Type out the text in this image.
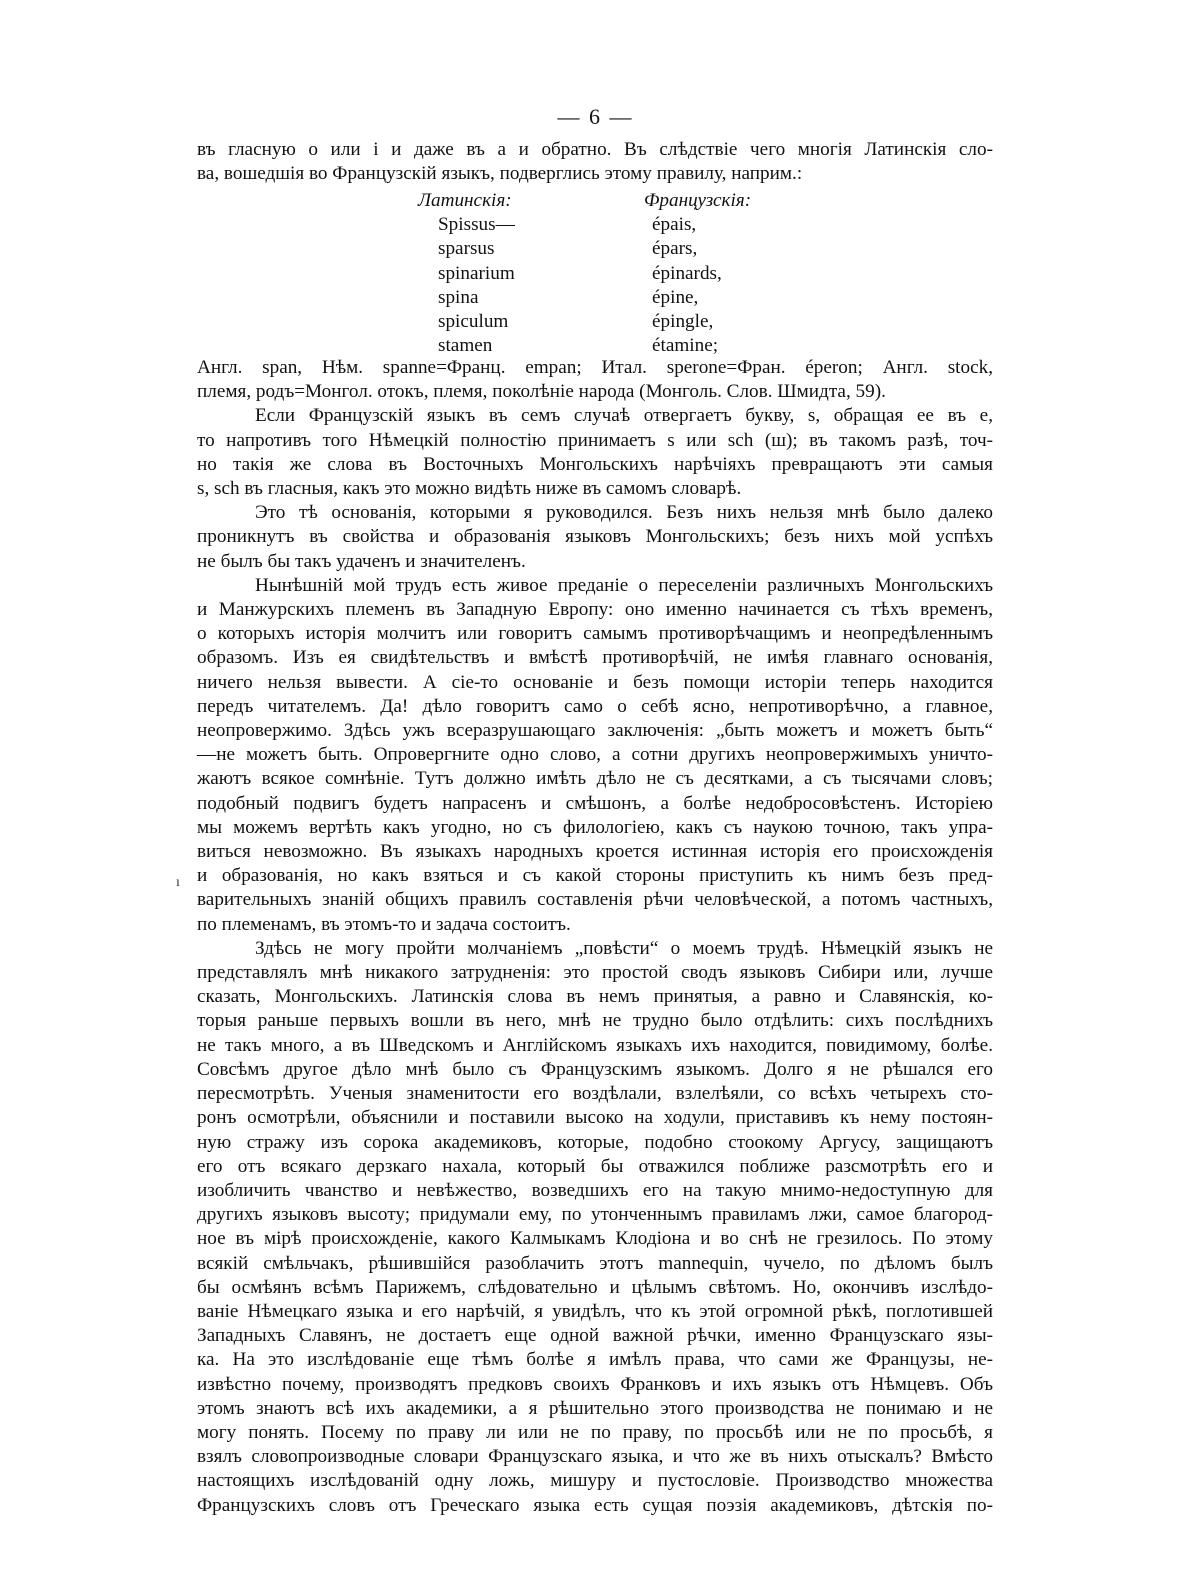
— 6 —
въ гласную о или і и даже въ а и обратно. Въ слѣдствіе чего многія Латинскія сло-
ва, вошедшія во Французскій языкъ, подверглись этому правилу, наприм.:
Латинскія:
Spissus—
sparsus
spinarium
spina
spiculum
stamen
Французскія:
épais,
épars,
épinards,
épine,
épingle,
étamine;
Англ. span, Нѣм. spanne=Франц. empan; Итал. sperone=Фран. éperon; Англ. stock,
племя, родъ=Монгол. отокъ, племя, поколѣніе народа (Монголь. Слов. Шмидта, 59).
Если Французскій языкъ въ семъ случаѣ отвергаетъ букву, s, обращая ее въ е,
то напротивъ того Нѣмецкій полностію принимаетъ s или sch (ш); въ такомъ разѣ, точ-
но такія же слова въ Восточныхъ Монгольскихъ нарѣчіяхъ превращаютъ эти самыя
s, sch въ гласныя, какъ это можно видѣть ниже въ самомъ словарѣ.
Это тѣ основанія, которыми я руководился. Безъ нихъ нельзя мнѣ было далеко
проникнутъ въ свойства и образованія языковъ Монгольскихъ; безъ нихъ мой успѣхъ
не былъ бы такъ удаченъ и значителенъ.
Нынѣшній мой трудъ есть живое преданіе о переселеніи различныхъ Монгольскихъ
и Манжурскихъ племенъ въ Западную Европу: оно именно начинается съ тѣхъ временъ,
о которыхъ исторія молчитъ или говоритъ самымъ противорѣчащимъ и неопредѣленнымъ
образомъ. Изъ ея свидѣтельствъ и вмѣстѣ противорѣчій, не имѣя главнаго основанія,
ничего нельзя вывести. А сіе-то основаніе и безъ помощи исторіи теперь находится
передъ читателемъ. Да! дѣло говоритъ само о себѣ ясно, непротиворѣчно, а главное,
неопровержимо. Здѣсь ужъ всеразрушающаго заключенія: „быть можетъ и можетъ быть“
—не можетъ быть. Опровергните одно слово, а сотни другихъ неопровержимыхъ уничто-
жаютъ всякое сомнѣніе. Тутъ должно имѣть дѣло не съ десятками, а съ тысячами словъ;
подобный подвигъ будетъ напрасенъ и смѣшонъ, а болѣе недобросовѣстенъ. Исторіею
мы можемъ вертѣть какъ угодно, но съ филологіею, какъ съ наукою точною, такъ упра-
виться невозможно. Въ языкахъ народныхъ кроется истинная исторія его происхожденія
и образованія, но какъ взяться и съ какой стороны приступить къ нимъ безъ пред-
варительныхъ знаній общихъ правилъ составленія рѣчи человѣческой, а потомъ частныхъ,
по племенамъ, въ этомъ-то и задача состоитъ.
Здѣсь не могу пройти молчаніемъ „повѣсти“ о моемъ трудѣ. Нѣмецкій языкъ не
представлялъ мнѣ никакого затрудненія: это простой сводъ языковъ Сибири или, лучше
сказать, Монгольскихъ. Латинскія слова въ немъ принятыя, а равно и Славянскія, ко-
торыя раньше первыхъ вошли въ него, мнѣ не трудно было отдѣлить: сихъ послѣднихъ
не такъ много, а въ Шведскомъ и Англійскомъ языкахъ ихъ находится, повидимому, болѣе.
Совсѣмъ другое дѣло мнѣ было съ Французскимъ языкомъ. Долго я не рѣшался его
пересмотрѣть. Ученыя знаменитости его воздѣлали, взлелѣяли, со всѣхъ четырехъ сто-
ронъ осмотрѣли, объяснили и поставили высоко на ходули, приставивъ къ нему постоян-
ную стражу изъ сорока академиковъ, которые, подобно стоокому Аргусу, защищаютъ
его отъ всякаго дерзкаго нахала, который бы отважился поближе разсмотрѣть его и
изобличить чванство и невѣжество, возведшихъ его на такую мнимо-недоступную для
другихъ языковъ высоту; придумали ему, по утонченнымъ правиламъ лжи, самое благород-
ное въ мірѣ происхожденіе, какого Калмыкамъ Клодіона и во снѣ не грезилось. По этому
всякій смѣльчакъ, рѣшившійся разоблачить этотъ mannequin, чучело, по дѣломъ былъ
бы осмѣянъ всѣмъ Парижемъ, слѣдовательно и цѣлымъ свѣтомъ. Но, окончивъ изслѣдо-
ваніе Нѣмецкаго языка и его нарѣчій, я увидѣлъ, что къ этой огромной рѣкѣ, поглотившей
Западныхъ Славянъ, не достаетъ еще одной важной рѣчки, именно Французскаго язы-
ка. На это изслѣдованіе еще тѣмъ болѣе я имѣлъ права, что сами же Французы, не-
извѣстно почему, производятъ предковъ своихъ Франковъ и ихъ языкъ отъ Нѣмцевъ. Объ
этомъ знаютъ всѣ ихъ академики, а я рѣшительно этого производства не понимаю и не
могу понять. Посему по праву ли или не по праву, по просьбѣ или не по просьбѣ, я
взялъ словопроизводные словари Французскаго языка, и что же въ нихъ отыскалъ? Вмѣсто
настоящихъ изслѣдованій одну ложь, мишуру и пустословіе. Производство множества
Французскихъ словъ отъ Греческаго языка есть сущая поэзія академиковъ, дѣтскія по-
ı
